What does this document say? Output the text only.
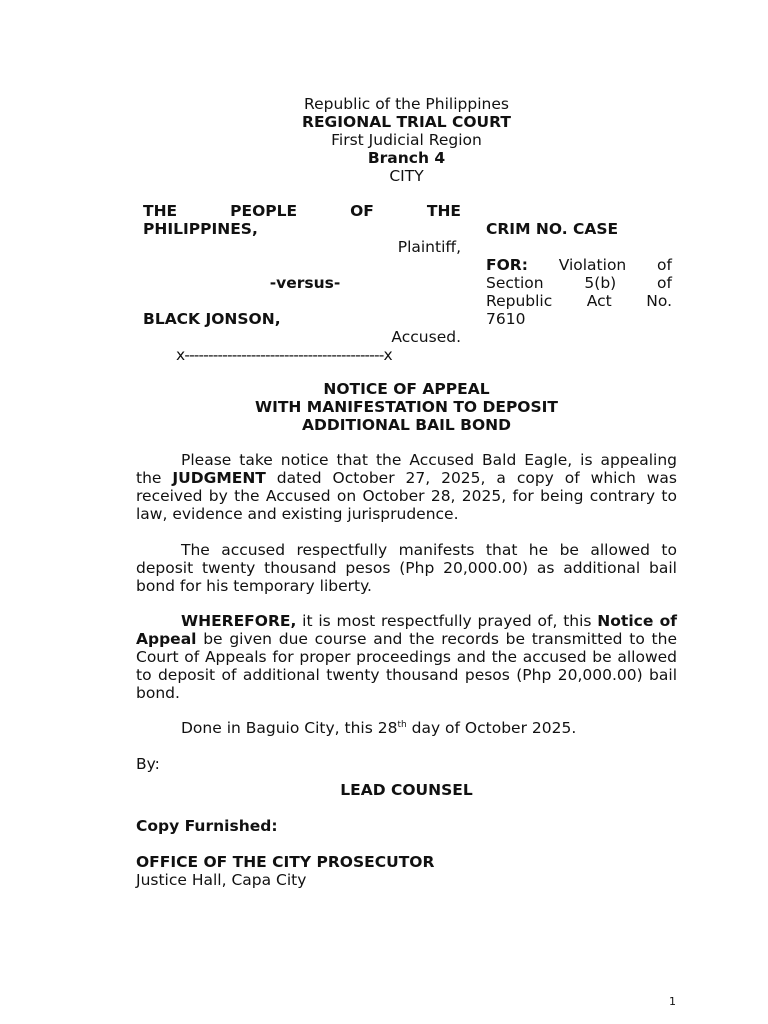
Republic of the Philippines
REGIONAL TRIAL COURT
First Judicial Region
Branch 4
CITY
THE PEOPLE OF THE
PHILIPPINES,
Plaintiff,
-versus-
BLACK JONSON,
Accused.
x------------------------------------------x
CRIM NO. CASE
FOR: Violation of
Section 5(b) of
Republic Act No.
7610
NOTICE OF APPEAL
WITH MANIFESTATION TO DEPOSIT
ADDITIONAL BAIL BOND
Please take notice that the Accused Bald Eagle, is appealing the JUDGMENT dated October 27, 2025, a copy of which was received by the Accused on October 28, 2025, for being contrary to law, evidence and existing jurisprudence.
The accused respectfully manifests that he be allowed to deposit twenty thousand pesos (Php 20,000.00) as additional bail bond for his temporary liberty.
WHEREFORE, it is most respectfully prayed of, this Notice of Appeal be given due course and the records be transmitted to the Court of Appeals for proper proceedings and the accused be allowed to deposit of additional twenty thousand pesos (Php 20,000.00) bail bond.
Done in Baguio City, this 28th day of October 2025.
By:
LEAD COUNSEL
Copy Furnished:
OFFICE OF THE CITY PROSECUTOR
Justice Hall, Capa City
1
